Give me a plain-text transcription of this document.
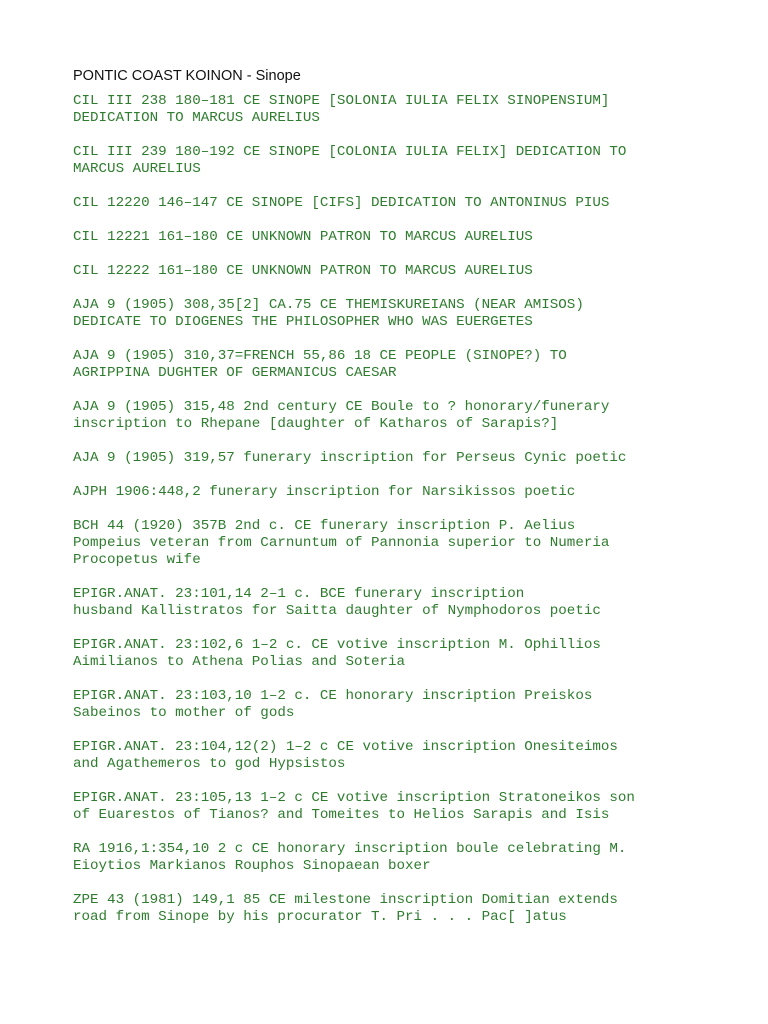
PONTIC COAST KOINON - Sinope
CIL III 238 180–181 CE SINOPE [SOLONIA IULIA FELIX SINOPENSIUM]
DEDICATION TO MARCUS AURELIUS
CIL III 239 180–192 CE SINOPE [COLONIA IULIA FELIX] DEDICATION TO
MARCUS AURELIUS
CIL 12220 146–147 CE SINOPE [CIFS] DEDICATION TO ANTONINUS PIUS
CIL 12221 161–180 CE UNKNOWN PATRON TO MARCUS AURELIUS
CIL 12222 161–180 CE UNKNOWN PATRON TO MARCUS AURELIUS
AJA 9 (1905) 308,35[2] CA.75 CE THEMISKUREIANS (NEAR AMISOS)
DEDICATE TO DIOGENES THE PHILOSOPHER WHO WAS EUERGETES
AJA 9 (1905) 310,37=FRENCH 55,86 18 CE PEOPLE (SINOPE?) TO
AGRIPPINA DUGHTER OF GERMANICUS CAESAR
AJA 9 (1905) 315,48 2nd century CE Boule to ? honorary/funerary
inscription to Rhepane [daughter of Katharos of Sarapis?]
AJA 9 (1905) 319,57 funerary inscription for Perseus Cynic poetic
AJPH 1906:448,2 funerary inscription for Narsikissos poetic
BCH 44 (1920) 357B 2nd c. CE funerary inscription P. Aelius
Pompeius veteran from Carnuntum of Pannonia superior to Numeria
Procopetus wife
EPIGR.ANAT. 23:101,14 2–1 c. BCE funerary inscription
husband Kallistratos for Saitta daughter of Nymphodoros poetic
EPIGR.ANAT. 23:102,6 1–2 c. CE votive inscription M. Ophillios
Aimilianos to Athena Polias and Soteria
EPIGR.ANAT. 23:103,10 1–2 c. CE honorary inscription Preiskos
Sabeinos to mother of gods
EPIGR.ANAT. 23:104,12(2) 1–2 c CE votive inscription Onesiteimos
and Agathemeros to god Hypsistos
EPIGR.ANAT. 23:105,13 1–2 c CE votive inscription Stratoneikos son
of Euarestos of Tianos? and Tomeites to Helios Sarapis and Isis
RA 1916,1:354,10 2 c CE honorary inscription boule celebrating M.
Eioytios Markianos Rouphos Sinopaean boxer
ZPE 43 (1981) 149,1 85 CE milestone inscription Domitian extends
road from Sinope by his procurator T. Pri . . . Pac[ ]atus
